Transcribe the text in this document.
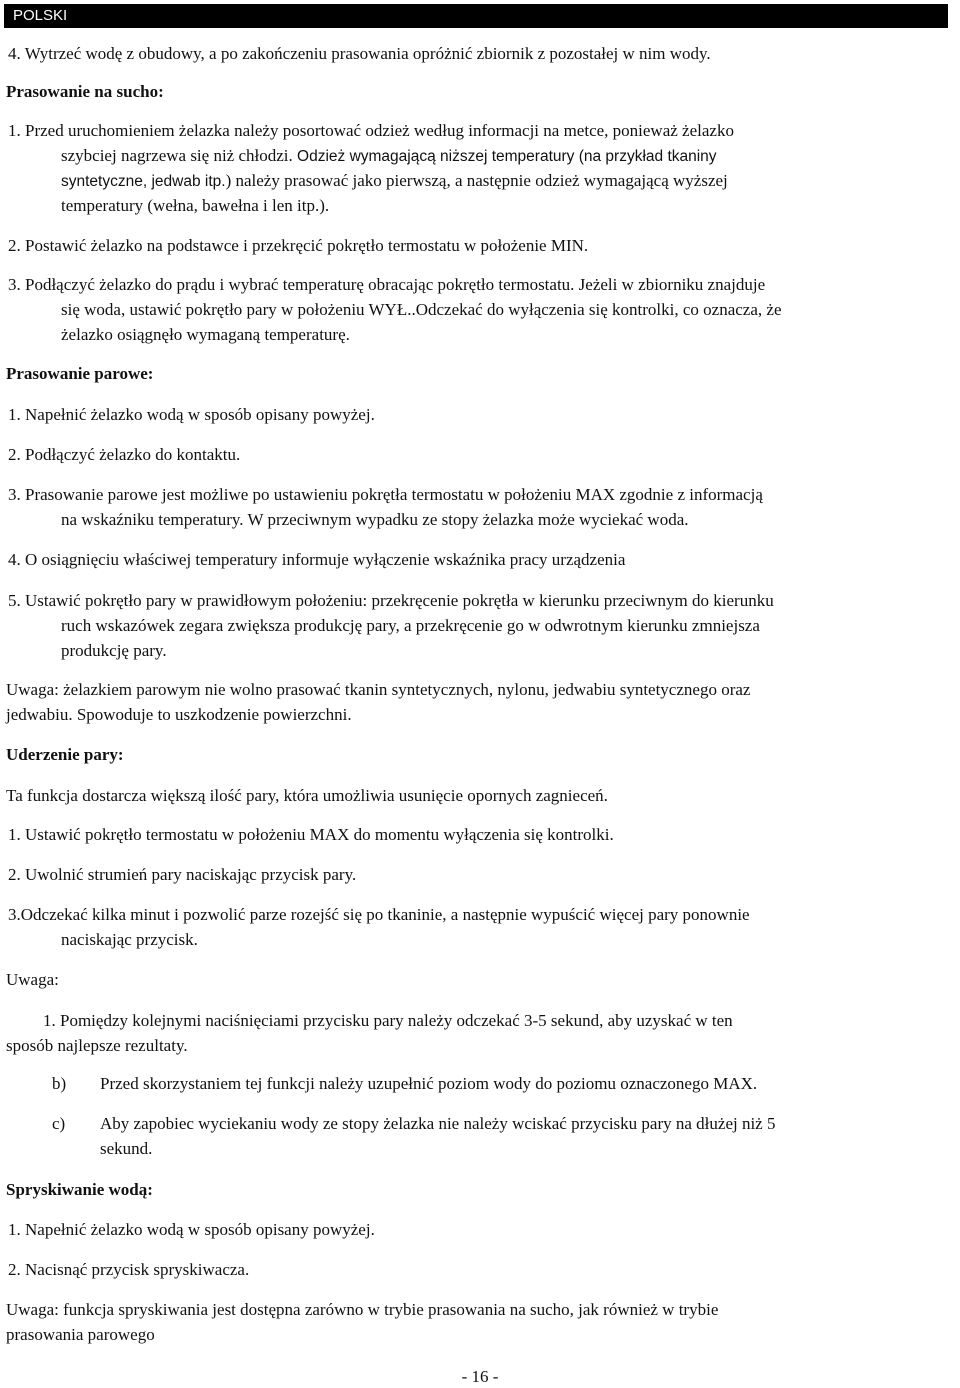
POLSKI
4. Wytrzeć wodę z obudowy, a po zakończeniu prasowania opróżnić zbiornik z pozostałej w nim wody.
Prasowanie na sucho:
1. Przed uruchomieniem żelazka należy posortować odzież według informacji na metce, ponieważ żelazko
szybciej nagrzewa się niż chłodzi. Odzież wymagającą niższej temperatury (na przykład tkaniny
syntetyczne, jedwab itp.) należy prasować jako pierwszą, a następnie odzież wymagającą wyższej
temperatury (wełna, bawełna i len itp.).
2. Postawić żelazko na podstawce i przekręcić pokrętło termostatu w położenie MIN.
3. Podłączyć żelazko do prądu i wybrać temperaturę obracając pokrętło termostatu. Jeżeli w zbiorniku znajduje
się woda, ustawić pokrętło pary w położeniu WYŁ..Odczekać do wyłączenia się kontrolki, co oznacza, że
żelazko osiągnęło wymaganą temperaturę.
Prasowanie parowe:
1. Napełnić żelazko wodą w sposób opisany powyżej.
2. Podłączyć żelazko do kontaktu.
3. Prasowanie parowe jest możliwe po ustawieniu pokrętła termostatu w położeniu MAX zgodnie z informacją
na wskaźniku temperatury. W przeciwnym wypadku ze stopy żelazka może wyciekać woda.
4. O osiągnięciu właściwej temperatury informuje wyłączenie wskaźnika pracy urządzenia
5. Ustawić pokrętło pary w prawidłowym położeniu: przekręcenie pokrętła w kierunku przeciwnym do kierunku
ruch wskazówek zegara zwiększa produkcję pary, a przekręcenie go w odwrotnym kierunku zmniejsza
produkcję pary.
Uwaga: żelazkiem parowym nie wolno prasować tkanin syntetycznych, nylonu, jedwabiu syntetycznego oraz
jedwabiu. Spowoduje to uszkodzenie powierzchni.
Uderzenie pary:
Ta funkcja dostarcza większą ilość pary, która umożliwia usunięcie opornych zagnieceń.
1. Ustawić pokrętło termostatu w położeniu MAX do momentu wyłączenia się kontrolki.
2. Uwolnić strumień pary naciskając przycisk pary.
3.Odczekać kilka minut i pozwolić parze rozejść się po tkaninie, a następnie wypuścić więcej pary ponownie
naciskając przycisk.
Uwaga:
1. Pomiędzy kolejnymi naciśnięciami przycisku pary należy odczekać 3-5 sekund, aby uzyskać w ten
sposób najlepsze rezultaty.
b) Przed skorzystaniem tej funkcji należy uzupełnić poziom wody do poziomu oznaczonego MAX.
c) Aby zapobiec wyciekaniu wody ze stopy żelazka nie należy wciskać przycisku pary na dłużej niż 5
sekund.
Spryskiwanie wodą:
1. Napełnić żelazko wodą w sposób opisany powyżej.
2. Nacisnąć przycisk spryskiwacza.
Uwaga: funkcja spryskiwania jest dostępna zarówno w trybie prasowania na sucho, jak również w trybie
prasowania parowego
- 16 -
